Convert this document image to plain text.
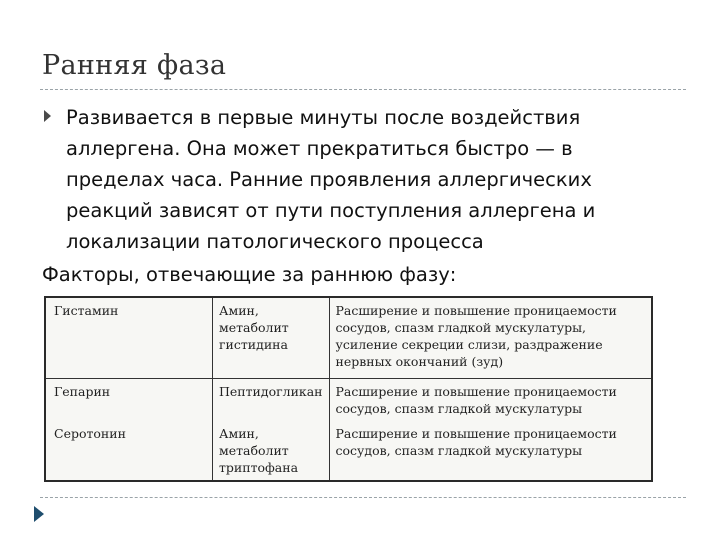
Ранняя фаза
Развивается в первые минуты после воздействия аллергена. Она может прекратиться быстро — в пределах часа. Ранние проявления аллергических реакций зависят от пути поступления аллергена и локализации патологического процесса
Факторы, отвечающие за раннюю фазу:
Гистамин	Амин, метаболит гистидина	Расширение и повышение проницаемости сосудов, спазм гладкой мускулатуры, усиление секреции слизи, раздражение нервных окончаний (зуд)
Гепарин	Пептидогликан	Расширение и повышение проницаемости сосудов, спазм гладкой мускулатуры
Серотонин	Амин, метаболит триптофана	Расширение и повышение проницаемости сосудов, спазм гладкой мускулатуры
